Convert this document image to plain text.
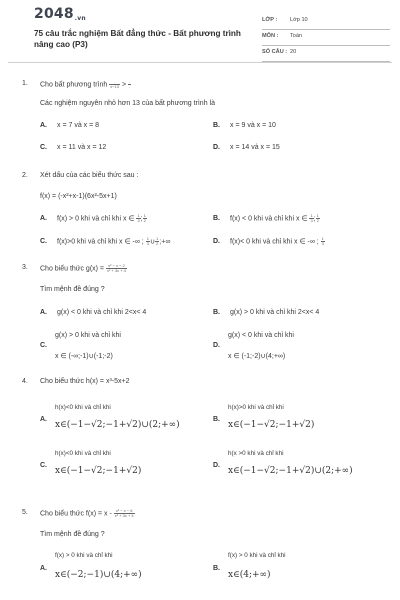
2048.vn
75 câu trắc nghiệm Bất đẳng thức - Bất phương trình nâng cao (P3)
LỚP : Lớp 10
MÔN : Toán
SỐ CÂU : 20
1. Cho bất phương trình $\frac{.}{x-13} > \frac{.}{.}$
Các nghiệm nguyên nhỏ hơn 13 của bất phương trình là
A. x = 7 và x = 8	B. x = 9 và x = 10
C. x = 11 và x = 12	D. x = 14 và x = 15
2. Xét dấu của các biểu thức sau :
f(x) = (-x²+x-1)(6x²-5x+1)
A. f(x) > 0 khi và chỉ khi x ∈ $\frac{1}{3}$ ; $\frac{1}{2}$	B. f(x) < 0 khi và chỉ khi x ∈ $\frac{1}{3}$ ; $\frac{1}{2}$
C. f(x)>0 khi và chỉ khi x ∈ -∞ ; $\frac{1}{3}$ ∪ $\frac{1}{2}$ ;+∞	D. f(x)< 0 khi và chỉ khi x ∈ -∞ ; $\frac{1}{3}$
3. Cho biểu thức $g(x) = \frac{\text{x² − x − 2}}{\text{x² + 3x + 4}}$
Tìm mệnh đề đúng ?
A. g(x) < 0 khi và chỉ khi 2<x< 4	B. g(x) > 0 khi và chỉ khi 2<x< 4
C.
g(x) > 0 khi và chỉ khi
x ∈ (-∞;-1)∪(-1;-2)
D.
g(x) < 0 khi và chỉ khi
x ∈ (-1;-2)∪(4;+∞)
4. Cho biểu thức h(x) = x³-5x+2
A.
h(x)<0 khi và chỉ khi
x∈(−1−√2;−1+√2)∪(2;+∞)
B.
h(x)>0 khi và chỉ khi
x∈(−1−√2;−1+√2)
C.
h(x)<0 khi và chỉ khi
x∈(−1−√2;−1+√2)
D.
h(x >0 khi và chỉ khi
x∈(−1−√2;−1+√2)∪(2;+∞)
5. Cho biểu thức $f(x) = x - \frac{\text{x² − x − 6}}{\text{x² + 3x + 4}}$
Tìm mệnh đề đúng ?
A.
f(x) > 0 khi và chỉ khi
x∈(−2;−1)∪(4;+∞)
B.
f(x) > 0 khi và chỉ khi
x∈(4;+∞)
